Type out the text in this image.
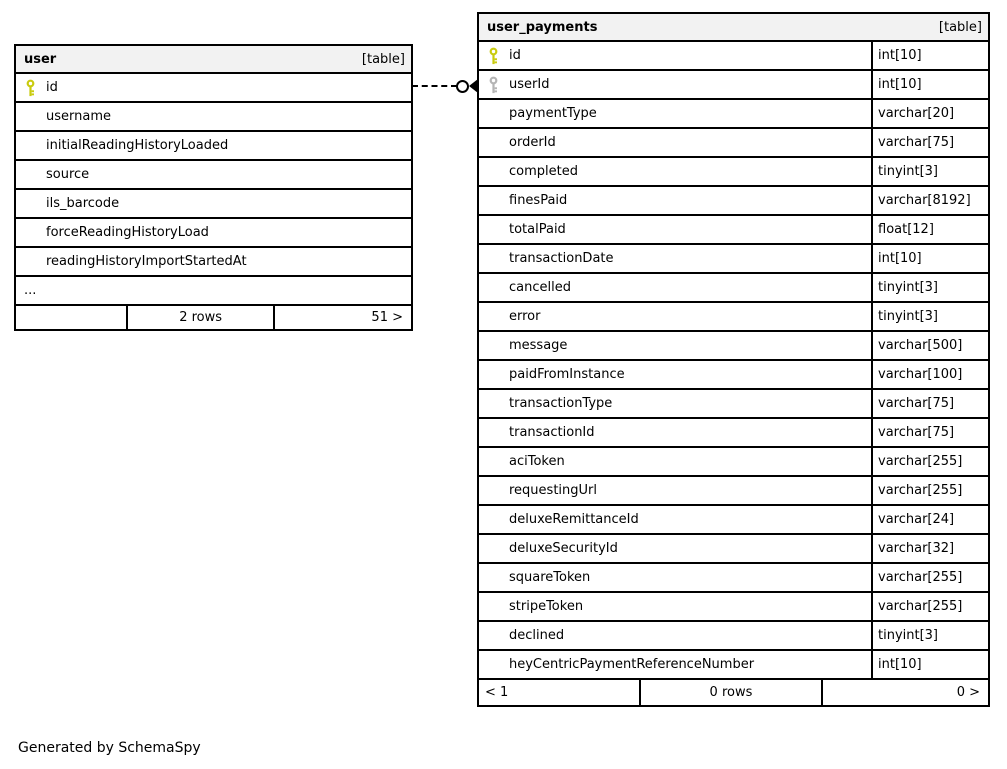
user	[table]
id
username
initialReadingHistoryLoaded
source
ils_barcode
forceReadingHistoryLoad
readingHistoryImportStartedAt
...
2 rows	51 >
user_payments	[table]
id	int[10]
userId	int[10]
paymentType	varchar[20]
orderId	varchar[75]
completed	tinyint[3]
finesPaid	varchar[8192]
totalPaid	float[12]
transactionDate	int[10]
cancelled	tinyint[3]
error	tinyint[3]
message	varchar[500]
paidFromInstance	varchar[100]
transactionType	varchar[75]
transactionId	varchar[75]
aciToken	varchar[255]
requestingUrl	varchar[255]
deluxeRemittanceId	varchar[24]
deluxeSecurityId	varchar[32]
squareToken	varchar[255]
stripeToken	varchar[255]
declined	tinyint[3]
heyCentricPaymentReferenceNumber	int[10]
< 1	0 rows	0 >
Generated by SchemaSpy
